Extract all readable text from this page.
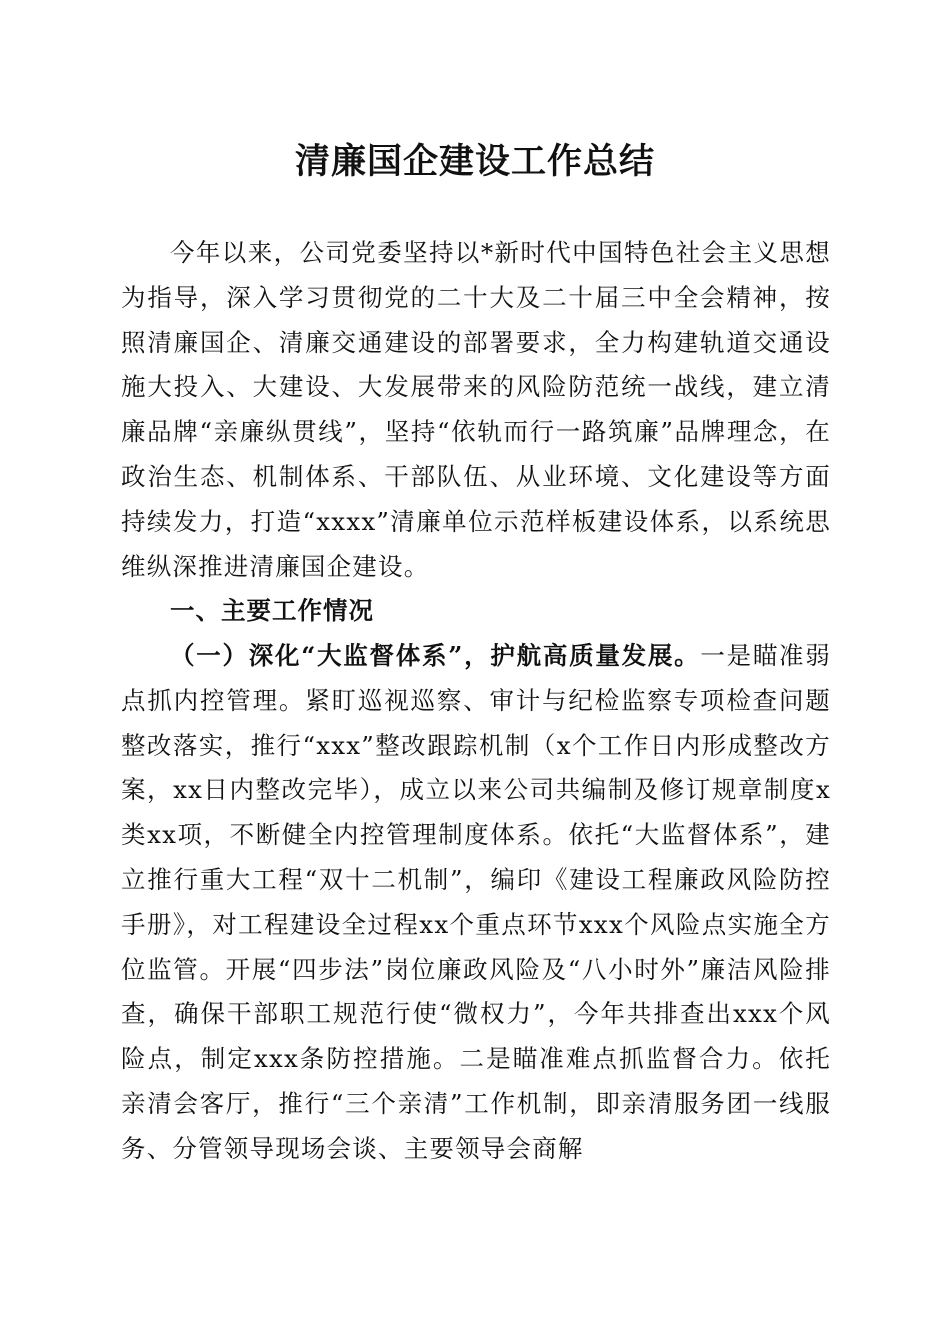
清廉国企建设工作总结

今年以来，公司党委坚持以*新时代中国特色社会主义思想为指导，深入学习贯彻党的二十大及二十届三中全会精神，按照清廉国企、清廉交通建设的部署要求，全力构建轨道交通设施大投入、大建设、大发展带来的风险防范统一战线，建立清廉品牌“亲廉纵贯线”，坚持“依轨而行一路筑廉”品牌理念，在政治生态、机制体系、干部队伍、从业环境、文化建设等方面持续发力，打造“xxxx”清廉单位示范样板建设体系，以系统思维纵深推进清廉国企建设。

一、主要工作情况

（一）深化“大监督体系”，护航高质量发展。一是瞄准弱点抓内控管理。紧盯巡视巡察、审计与纪检监察专项检查问题整改落实，推行“xxx”整改跟踪机制（x个工作日内形成整改方案，xx日内整改完毕），成立以来公司共编制及修订规章制度x类xx项，不断健全内控管理制度体系。依托“大监督体系”，建立推行重大工程“双十二机制”，编印《建设工程廉政风险防控手册》，对工程建设全过程xx个重点环节xxx个风险点实施全方位监管。开展“四步法”岗位廉政风险及“八小时外”廉洁风险排查，确保干部职工规范行使“微权力”，今年共排查出xxx个风险点，制定xxx条防控措施。二是瞄准难点抓监督合力。依托亲清会客厅，推行“三个亲清”工作机制，即亲清服务团一线服务、分管领导现场会谈、主要领导会商解
